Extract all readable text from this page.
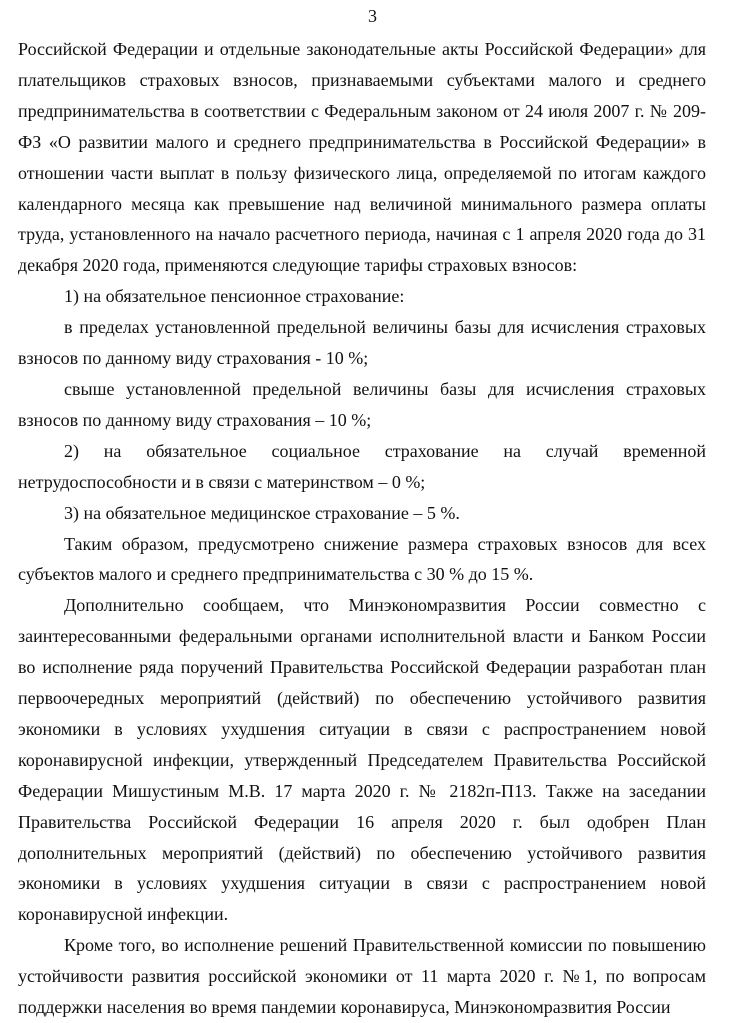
3

Российской Федерации и отдельные законодательные акты Российской Федерации» для плательщиков страховых взносов, признаваемыми субъектами малого и среднего предпринимательства в соответствии с Федеральным законом от 24 июля 2007 г. № 209-ФЗ «О развитии малого и среднего предпринимательства в Российской Федерации» в отношении части выплат в пользу физического лица, определяемой по итогам каждого календарного месяца как превышение над величиной минимального размера оплаты труда, установленного на начало расчетного периода, начиная с 1 апреля 2020 года до 31 декабря 2020 года, применяются следующие тарифы страховых взносов:

1) на обязательное пенсионное страхование:

в пределах установленной предельной величины базы для исчисления страховых взносов по данному виду страхования - 10 %;

свыше установленной предельной величины базы для исчисления страховых взносов по данному виду страхования – 10 %;

2) на обязательное социальное страхование на случай временной нетрудоспособности и в связи с материнством – 0 %;

3) на обязательное медицинское страхование – 5 %.

Таким образом, предусмотрено снижение размера страховых взносов для всех субъектов малого и среднего предпринимательства с 30 % до 15 %.

Дополнительно сообщаем, что Минэкономразвития России совместно с заинтересованными федеральными органами исполнительной власти и Банком России во исполнение ряда поручений Правительства Российской Федерации разработан план первоочередных мероприятий (действий) по обеспечению устойчивого развития экономики в условиях ухудшения ситуации в связи с распространением новой коронавирусной инфекции, утвержденный Председателем Правительства Российской Федерации Мишустиным М.В. 17 марта 2020 г. № 2182п-П13. Также на заседании Правительства Российской Федерации 16 апреля 2020 г. был одобрен План дополнительных мероприятий (действий) по обеспечению устойчивого развития экономики в условиях ухудшения ситуации в связи с распространением новой коронавирусной инфекции.

Кроме того, во исполнение решений Правительственной комиссии по повышению устойчивости развития российской экономики от 11 марта 2020 г. №1, по вопросам поддержки населения во время пандемии коронавируса, Минэкономразвития России
